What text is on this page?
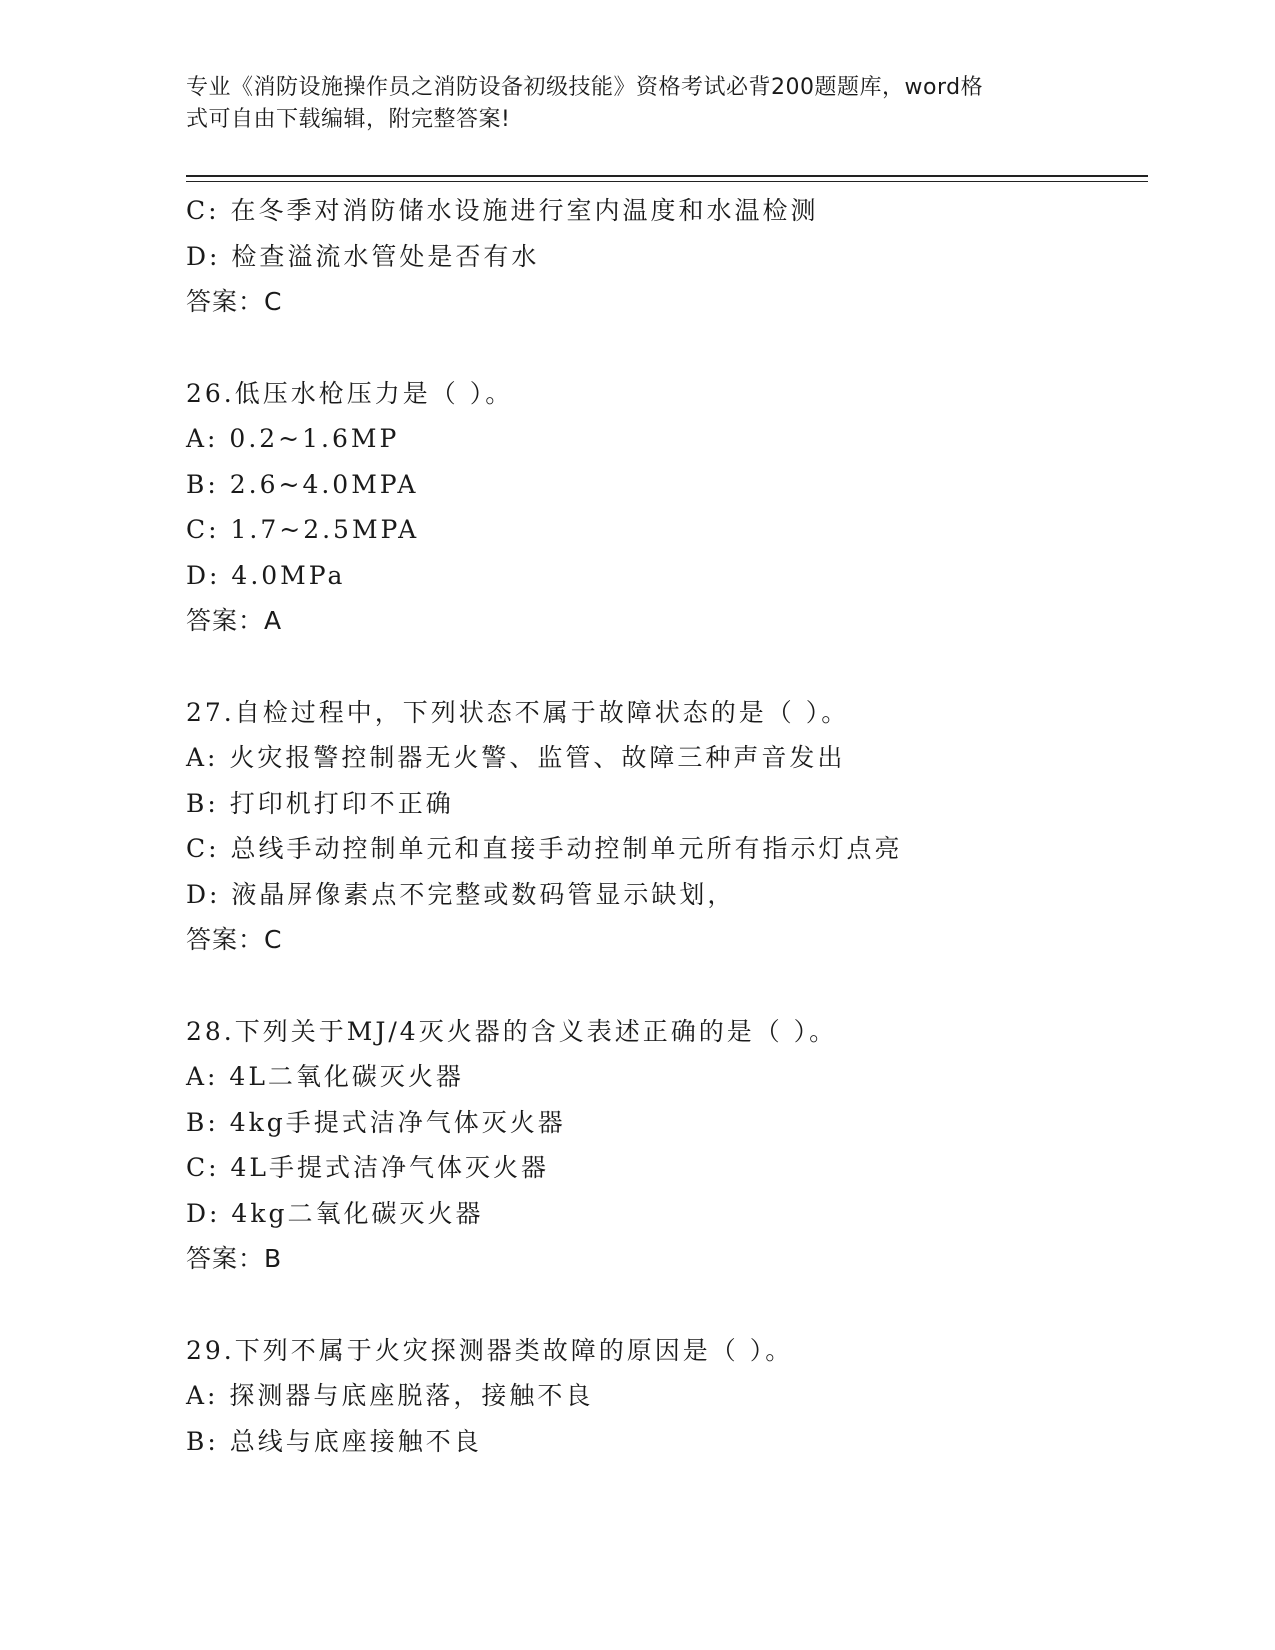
专业《消防设施操作员之消防设备初级技能》资格考试必背200题题库，word格
式可自由下载编辑，附完整答案!
C: 在冬季对消防储水设施进行室内温度和水温检测
D: 检查溢流水管处是否有水
答案：C
26.低压水枪压力是（ ）。
A: 0.2~1.6MP
B: 2.6~4.0MPA
C: 1.7~2.5MPA
D: 4.0MPa
答案：A
27.自检过程中，下列状态不属于故障状态的是（ ）。
A: 火灾报警控制器无火警、监管、故障三种声音发出
B: 打印机打印不正确
C: 总线手动控制单元和直接手动控制单元所有指示灯点亮
D: 液晶屏像素点不完整或数码管显示缺划，
答案：C
28.下列关于MJ/4灭火器的含义表述正确的是（ ）。
A: 4L二氧化碳灭火器
B: 4kg手提式洁净气体灭火器
C: 4L手提式洁净气体灭火器
D: 4kg二氧化碳灭火器
答案：B
29.下列不属于火灾探测器类故障的原因是（ ）。
A: 探测器与底座脱落，接触不良
B: 总线与底座接触不良
